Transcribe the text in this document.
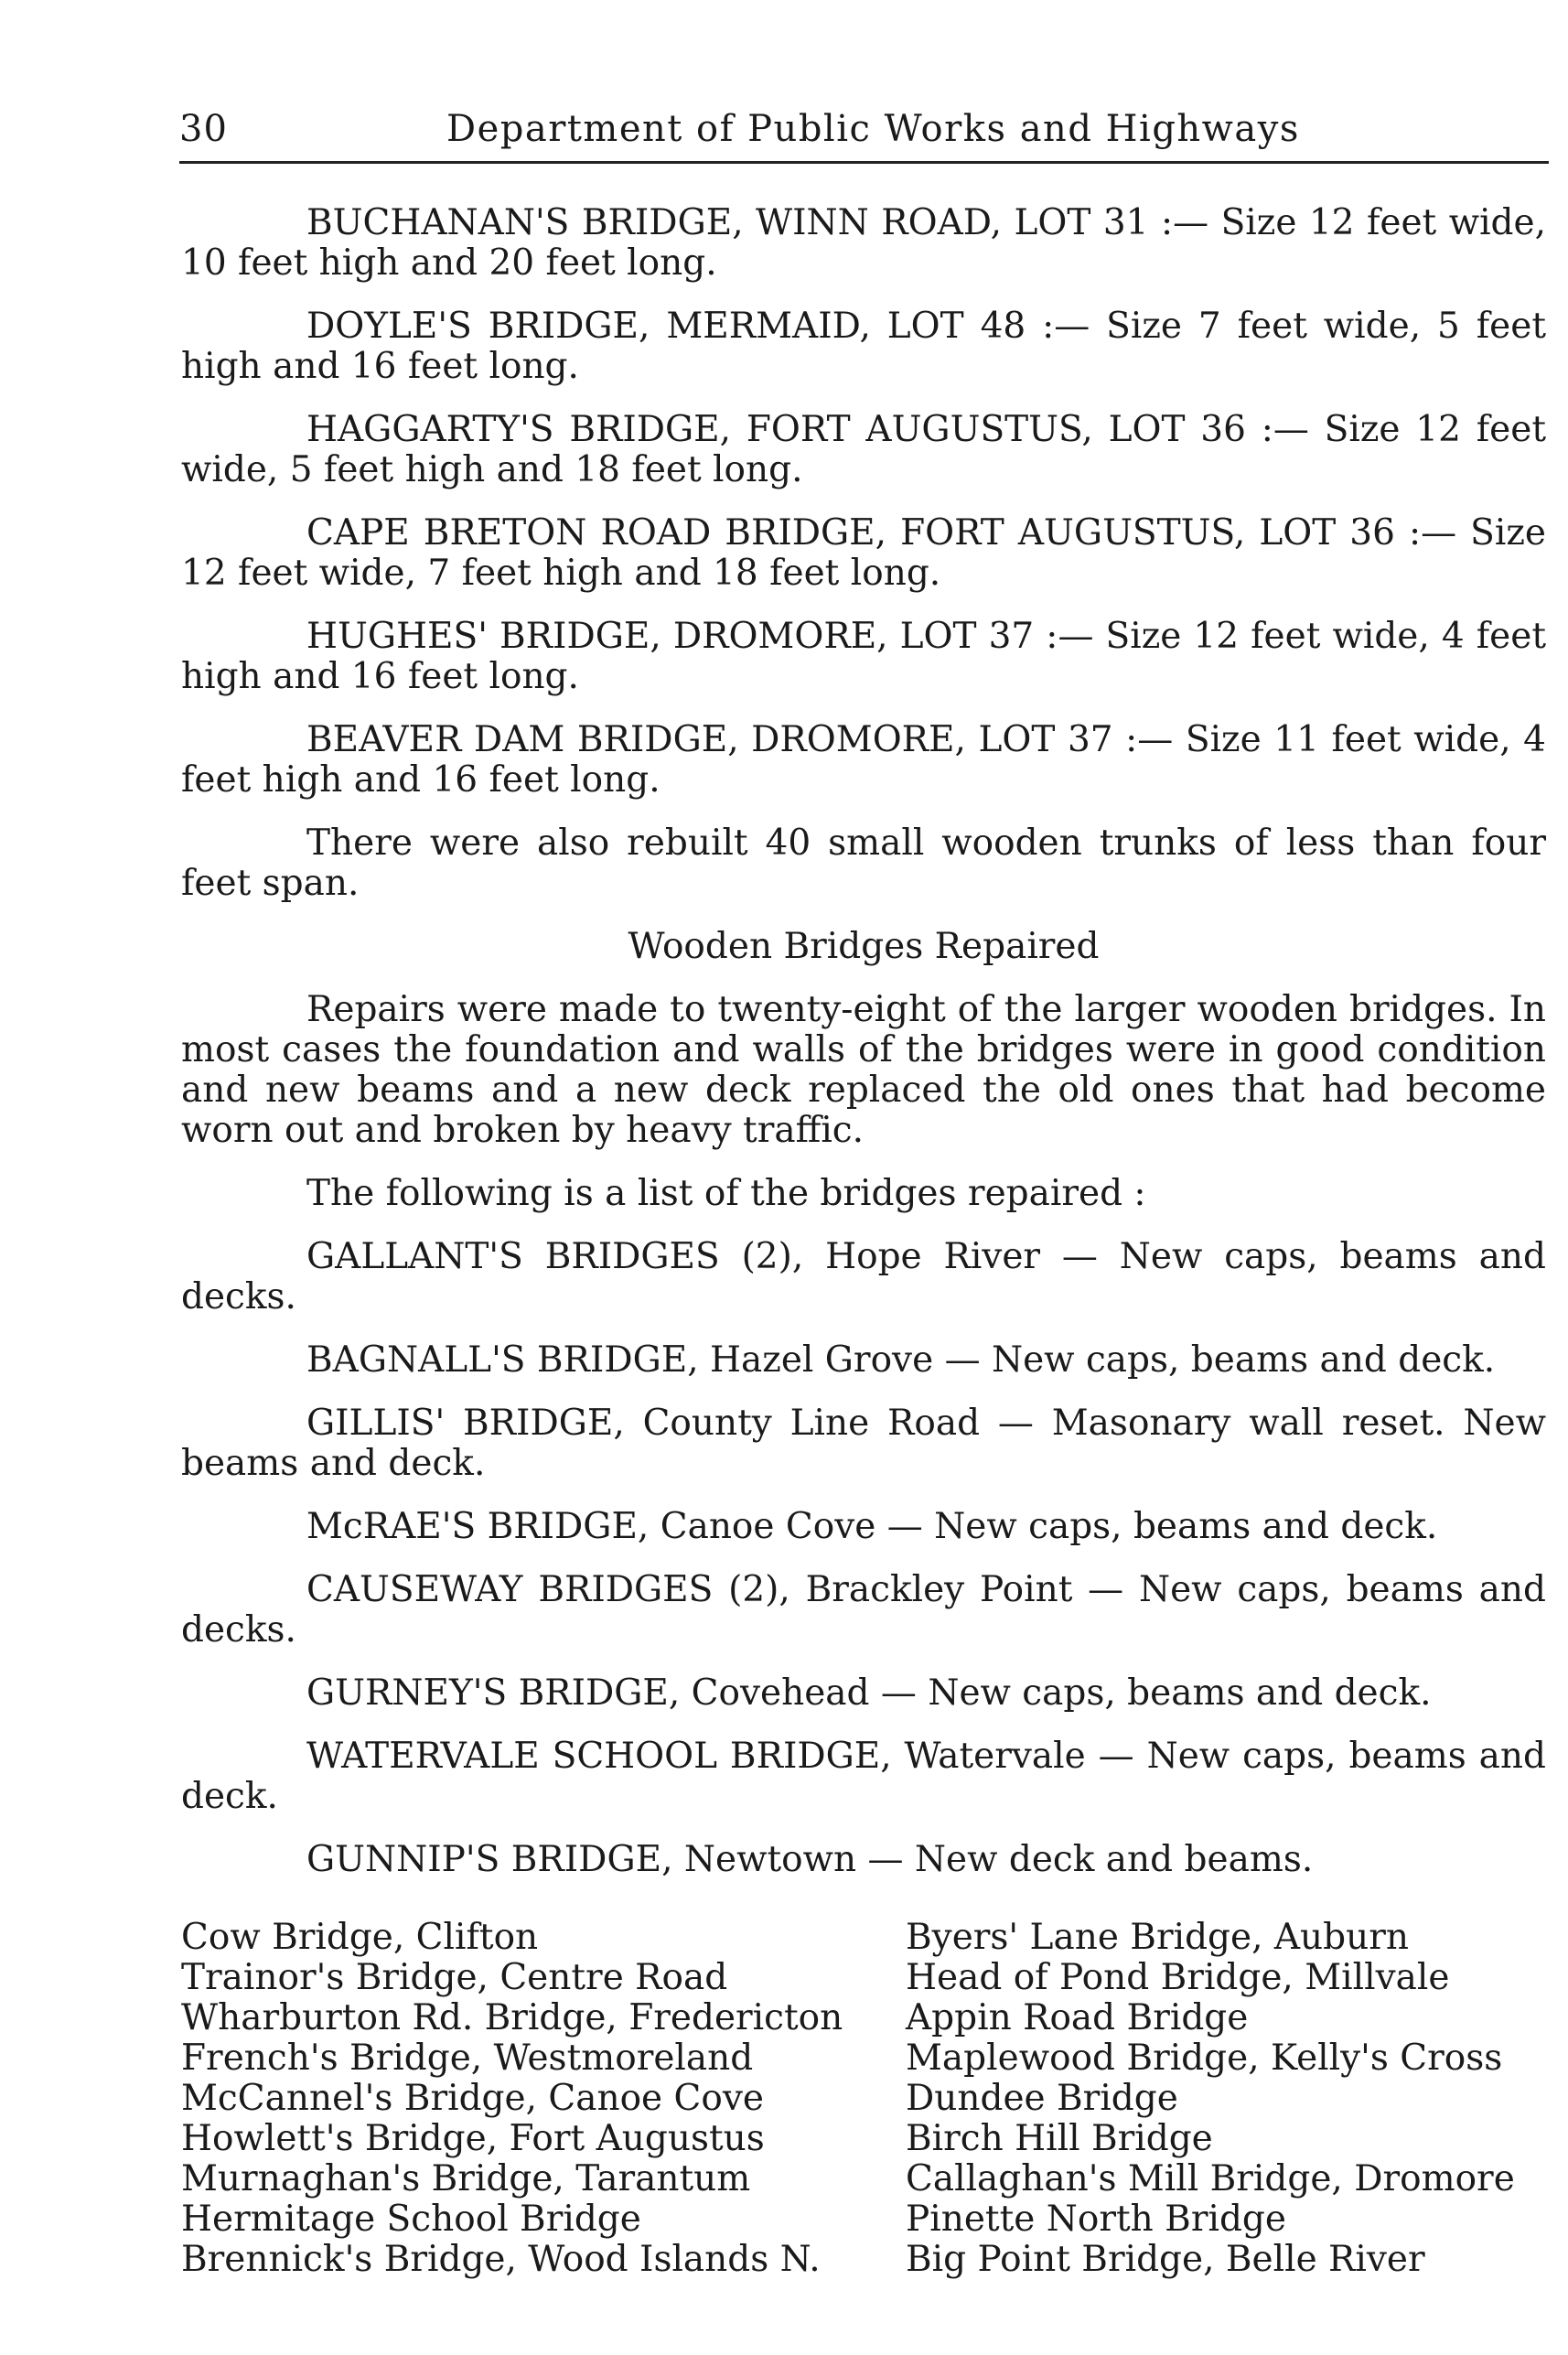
30	Department of Public Works and Highways

BUCHANAN'S BRIDGE, WINN ROAD, LOT 31 :— Size 12 feet wide, 10 feet high and 20 feet long.

DOYLE'S BRIDGE, MERMAID, LOT 48 :— Size 7 feet wide, 5 feet high and 16 feet long.

HAGGARTY'S BRIDGE, FORT AUGUSTUS, LOT 36 :— Size 12 feet wide, 5 feet high and 18 feet long.

CAPE BRETON ROAD BRIDGE, FORT AUGUSTUS, LOT 36 :— Size 12 feet wide, 7 feet high and 18 feet long.

HUGHES' BRIDGE, DROMORE, LOT 37 :— Size 12 feet wide, 4 feet high and 16 feet long.

BEAVER DAM BRIDGE, DROMORE, LOT 37 :— Size 11 feet wide, 4 feet high and 16 feet long.

There were also rebuilt 40 small wooden trunks of less than four feet span.

Wooden Bridges Repaired

Repairs were made to twenty-eight of the larger wooden bridges. In most cases the foundation and walls of the bridges were in good condition and new beams and a new deck replaced the old ones that had become worn out and broken by heavy traffic.

The following is a list of the bridges repaired :

GALLANT'S BRIDGES (2), Hope River — New caps, beams and decks.

BAGNALL'S BRIDGE, Hazel Grove — New caps, beams and deck.

GILLIS' BRIDGE, County Line Road — Masonary wall reset. New beams and deck.

McRAE'S BRIDGE, Canoe Cove — New caps, beams and deck.

CAUSEWAY BRIDGES (2), Brackley Point — New caps, beams and decks.

GURNEY'S BRIDGE, Covehead — New caps, beams and deck.

WATERVALE SCHOOL BRIDGE, Watervale — New caps, beams and deck.

GUNNIP'S BRIDGE, Newtown — New deck and beams.

Cow Bridge, Clifton
Trainor's Bridge, Centre Road
Wharburton Rd. Bridge, Fredericton
French's Bridge, Westmoreland
McCannel's Bridge, Canoe Cove
Howlett's Bridge, Fort Augustus
Murnaghan's Bridge, Tarantum
Hermitage School Bridge
Brennick's Bridge, Wood Islands N.
Byers' Lane Bridge, Auburn
Head of Pond Bridge, Millvale
Appin Road Bridge
Maplewood Bridge, Kelly's Cross
Dundee Bridge
Birch Hill Bridge
Callaghan's Mill Bridge, Dromore
Pinette North Bridge
Big Point Bridge, Belle River
